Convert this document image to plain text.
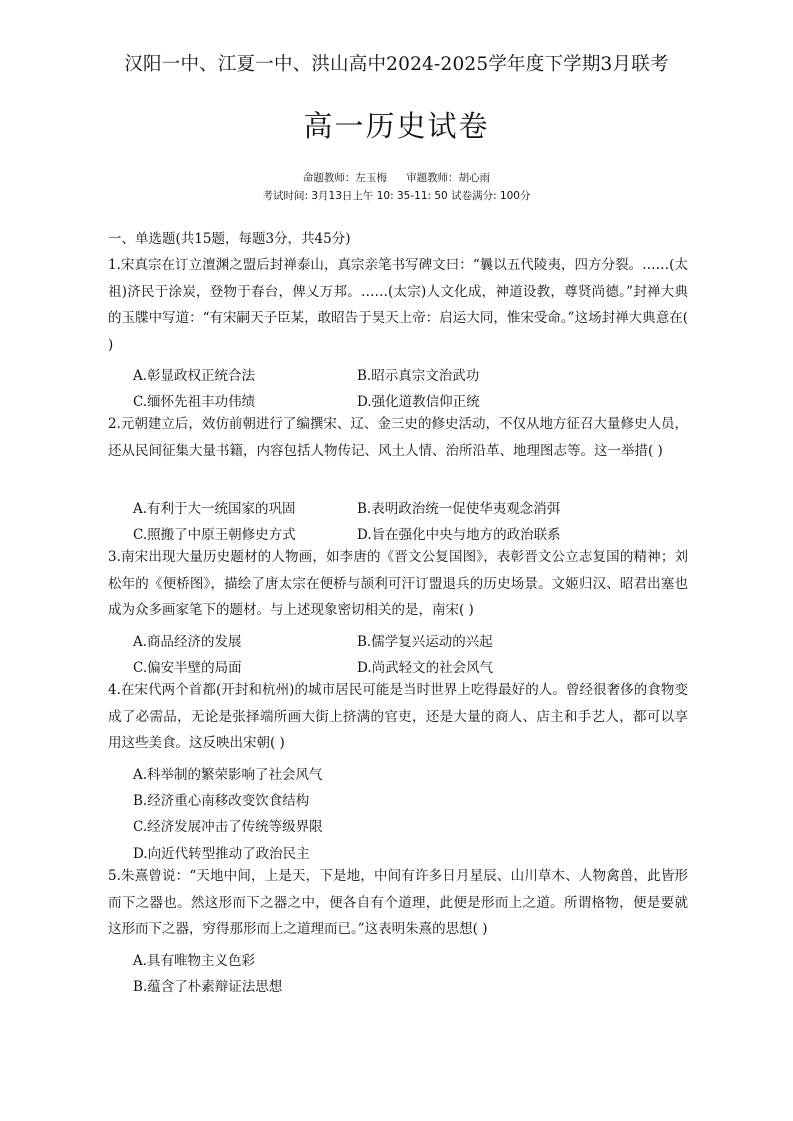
汉阳一中、江夏一中、洪山高中2024-2025学年度下学期3月联考
高一历史试卷
命题教师：左玉梅 审题教师：胡心雨
考试时间: 3月13日上午 10: 35-11: 50 试卷满分: 100分
一、单选题(共15题，每题3分，共45分)
1.宋真宗在订立澶渊之盟后封禅泰山，真宗亲笔书写碑文曰：“曩以五代陵夷，四方分裂。……(太祖)济民于涂炭，登物于春台，俾乂万邦。……(太宗)人文化成，神道设教，尊贤尚德。”封禅大典的玉牒中写道：“有宋嗣天子臣某，敢昭告于昊天上帝：启运大同，惟宋受命。”这场封禅大典意在( )
A.彰显政权正统合法	B.昭示真宗文治武功
C.缅怀先祖丰功伟绩	D.强化道教信仰正统
2.元朝建立后，效仿前朝进行了编撰宋、辽、金三史的修史活动，不仅从地方征召大量修史人员，还从民间征集大量书籍，内容包括人物传记、风土人情、治所沿革、地理图志等。这一举措( )
A.有利于大一统国家的巩固	B.表明政治统一促使华夷观念消弭
C.照搬了中原王朝修史方式	D.旨在强化中央与地方的政治联系
3.南宋出现大量历史题材的人物画，如李唐的《晋文公复国图》，表彰晋文公立志复国的精神；刘松年的《便桥图》，描绘了唐太宗在便桥与颉利可汗订盟退兵的历史场景。文姬归汉、昭君出塞也成为众多画家笔下的题材。与上述现象密切相关的是，南宋( )
A.商品经济的发展	B.儒学复兴运动的兴起
C.偏安半壁的局面	D.尚武轻文的社会风气
4.在宋代两个首都(开封和杭州)的城市居民可能是当时世界上吃得最好的人。曾经很奢侈的食物变成了必需品，无论是张择端所画大街上挤满的官吏，还是大量的商人、店主和手艺人，都可以享用这些美食。这反映出宋朝( )
A.科举制的繁荣影响了社会风气
B.经济重心南移改变饮食结构
C.经济发展冲击了传统等级界限
D.向近代转型推动了政治民主
5.朱熹曾说：“天地中间，上是天，下是地，中间有许多日月星辰、山川草木、人物禽兽，此皆形而下之器也。然这形而下之器之中，便各自有个道理，此便是形而上之道。所谓格物，便是要就这形而下之器，穷得那形而上之道理而已。”这表明朱熹的思想( )
A.具有唯物主义色彩
B.蕴含了朴素辩证法思想
